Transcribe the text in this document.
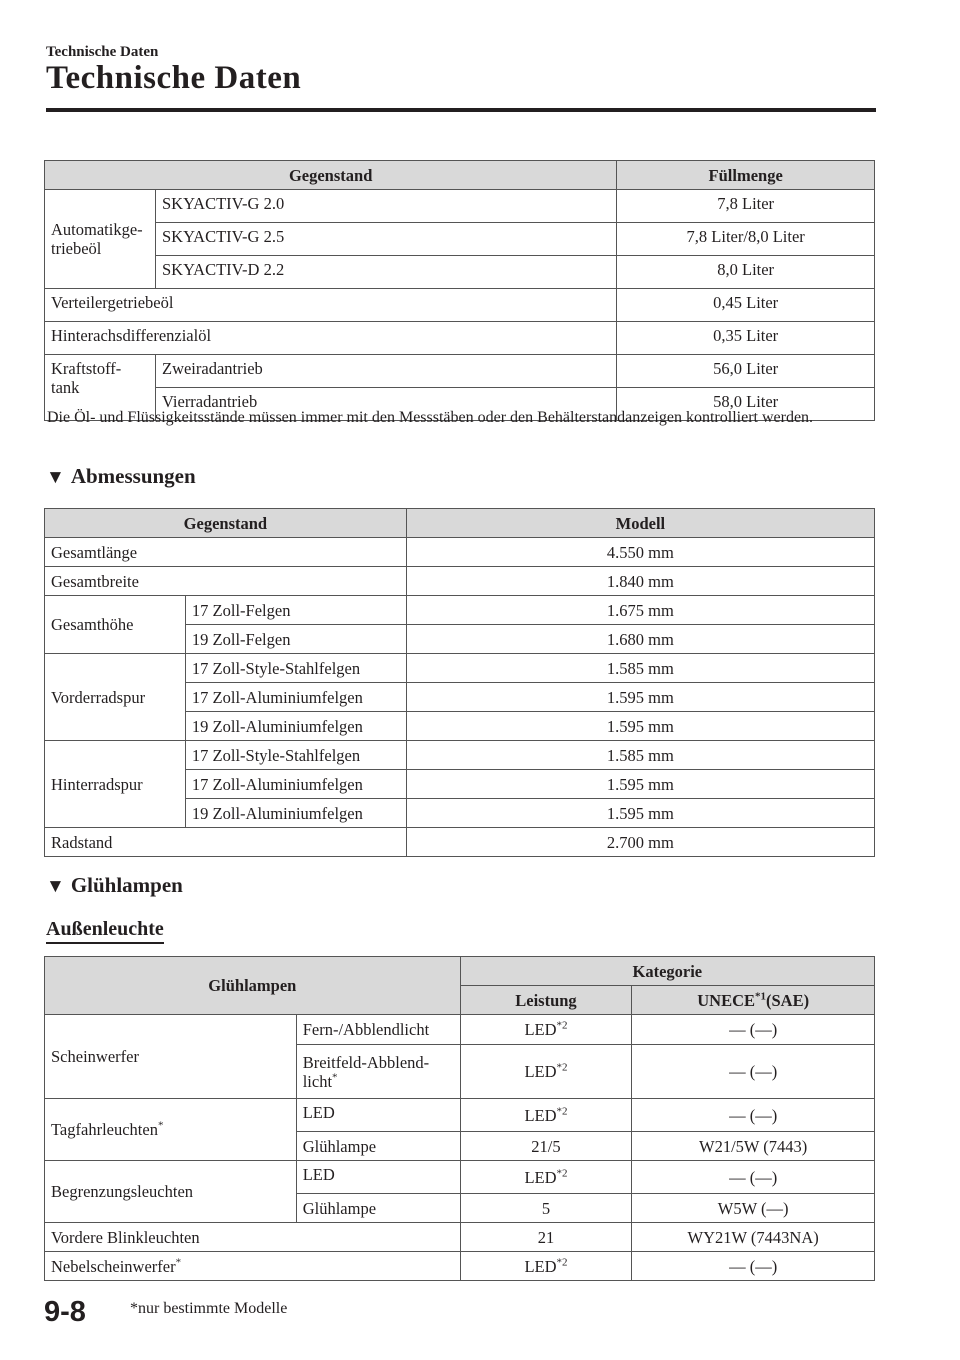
Technische Daten
Technische Daten
Gegenstand		Füllmenge
Automatikge-
triebeöl	SKYACTIV-G 2.0	7,8 Liter
	SKYACTIV-G 2.5	7,8 Liter/8,0 Liter
	SKYACTIV-D 2.2	8,0 Liter
Verteilergetriebeöl		0,45 Liter
Hinterachsdifferenzialöl		0,35 Liter
Kraftstoff-
tank	Zweiradantrieb	56,0 Liter
	Vierradantrieb	58,0 Liter
Die Öl- und Flüssigkeitsstände müssen immer mit den Messstäben oder den Behälterstandanzeigen kontrolliert werden.
▼ Abmessungen
Gegenstand		Modell
Gesamtlänge		4.550 mm
Gesamtbreite		1.840 mm
Gesamthöhe	17 Zoll-Felgen	1.675 mm
	19 Zoll-Felgen	1.680 mm
Vorderradspur	17 Zoll-Style-Stahlfelgen	1.585 mm
	17 Zoll-Aluminiumfelgen	1.595 mm
	19 Zoll-Aluminiumfelgen	1.595 mm
Hinterradspur	17 Zoll-Style-Stahlfelgen	1.585 mm
	17 Zoll-Aluminiumfelgen	1.595 mm
	19 Zoll-Aluminiumfelgen	1.595 mm
Radstand		2.700 mm
▼ Glühlampen
Außenleuchte
Glühlampen		Kategorie	
		Leistung	UNECE$^{*1}$(SAE)
Scheinwerfer	Fern-/Abblendlicht	LED$^{*2}$	— (—)
	Breitfeld-Abblend-
licht*	LED$^{*2}$	— (—)
Tagfahrleuchten*	LED	LED$^{*2}$	— (—)
	Glühlampe	21/5	W21/5W (7443)
Begrenzungsleuchten	LED	LED$^{*2}$	— (—)
	Glühlampe	5	W5W (―)
Vordere Blinkleuchten		21	WY21W (7443NA)
Nebelscheinwerfer*		LED$^{*2}$	— (—)
9-8	*nur bestimmte Modelle
